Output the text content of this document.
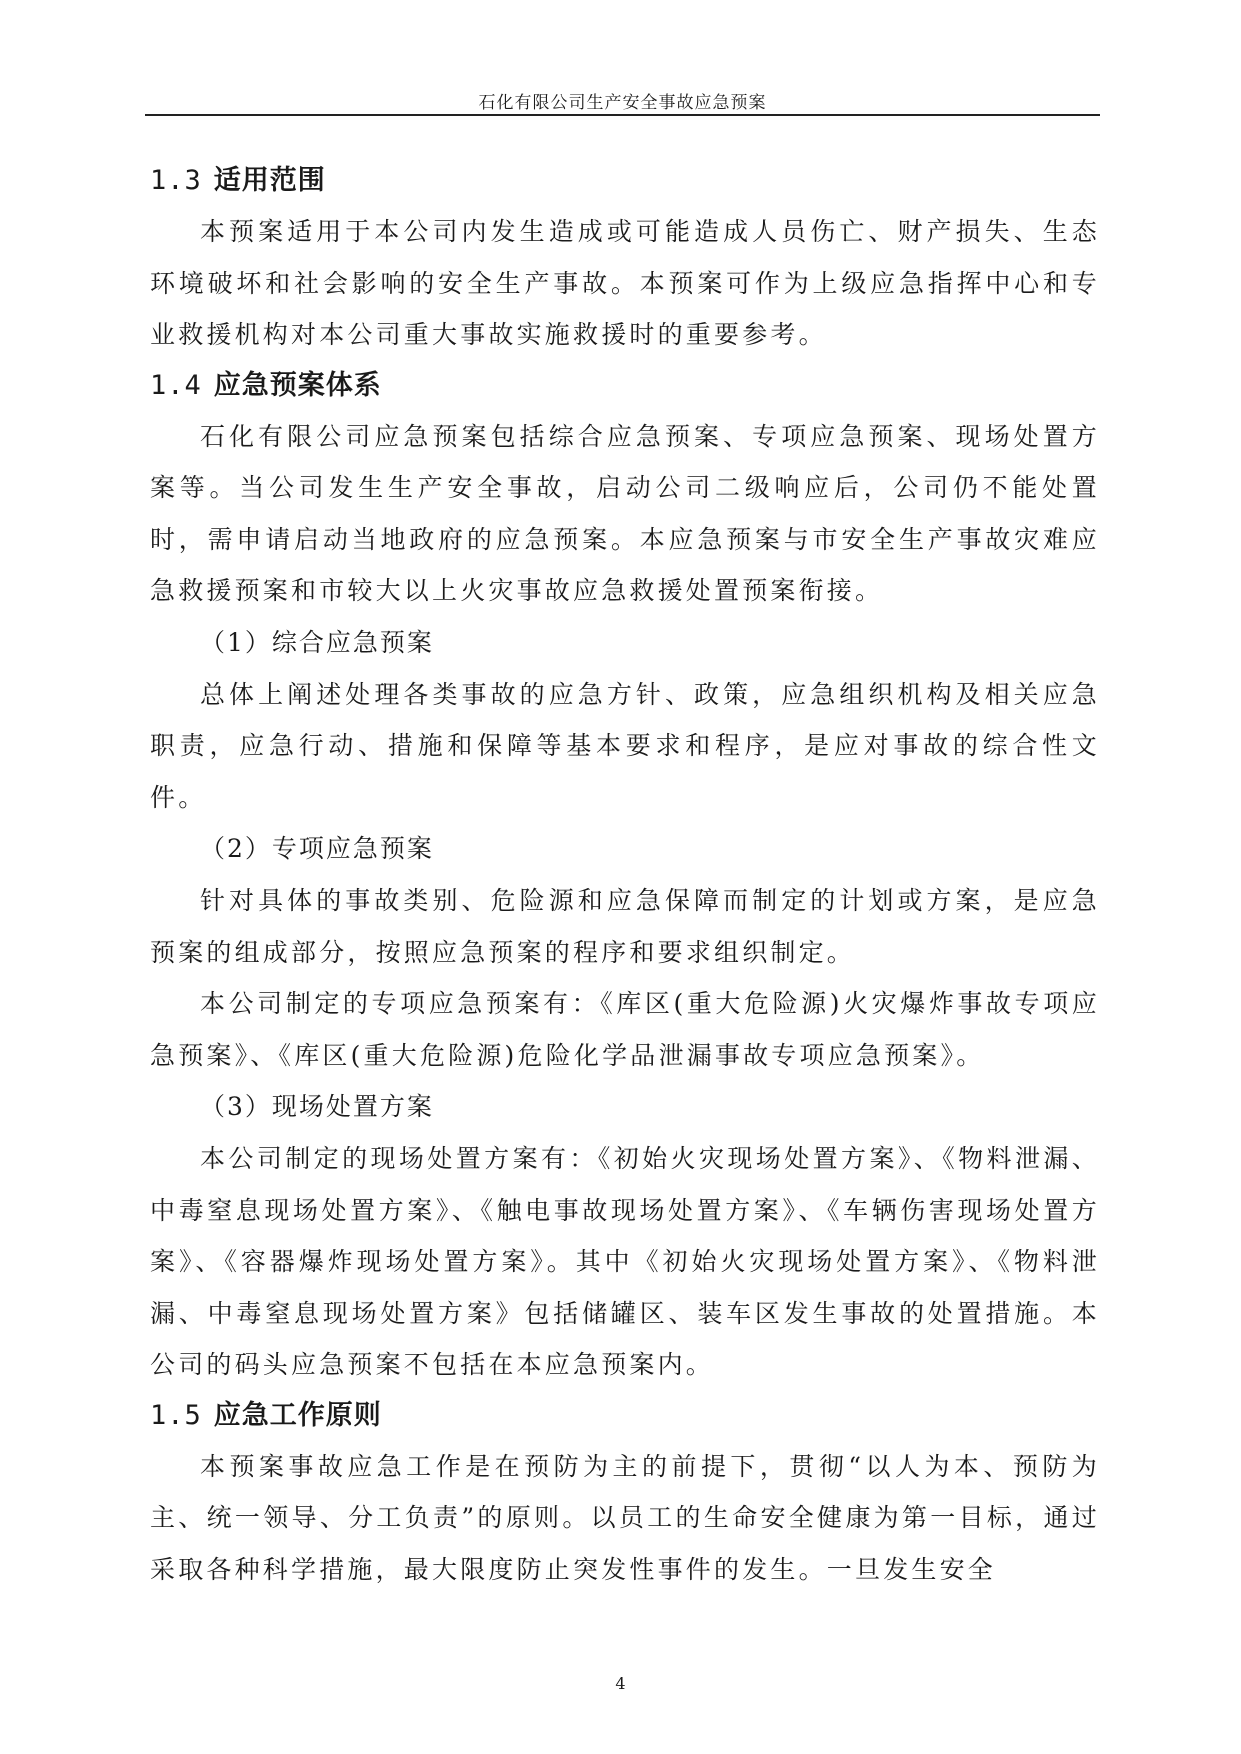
石化有限公司生产安全事故应急预案
1.3 适用范围

本预案适用于本公司内发生造成或可能造成人员伤亡、财产损失、生态环境破坏和社会影响的安全生产事故。本预案可作为上级应急指挥中心和专业救援机构对本公司重大事故实施救援时的重要参考。

1.4 应急预案体系

石化有限公司应急预案包括综合应急预案、专项应急预案、现场处置方案等。当公司发生生产安全事故，启动公司二级响应后，公司仍不能处置时，需申请启动当地政府的应急预案。本应急预案与市安全生产事故灾难应急救援预案和市较大以上火灾事故应急救援处置预案衔接。

（1）综合应急预案

总体上阐述处理各类事故的应急方针、政策，应急组织机构及相关应急职责，应急行动、措施和保障等基本要求和程序，是应对事故的综合性文件。

（2）专项应急预案

针对具体的事故类别、危险源和应急保障而制定的计划或方案，是应急预案的组成部分，按照应急预案的程序和要求组织制定。

本公司制定的专项应急预案有：《库区(重大危险源)火灾爆炸事故专项应急预案》、《库区(重大危险源)危险化学品泄漏事故专项应急预案》。

（3）现场处置方案

本公司制定的现场处置方案有：《初始火灾现场处置方案》、《物料泄漏、中毒窒息现场处置方案》、《触电事故现场处置方案》、《车辆伤害现场处置方案》、《容器爆炸现场处置方案》。其中《初始火灾现场处置方案》、《物料泄漏、中毒窒息现场处置方案》包括储罐区、装车区发生事故的处置措施。本公司的码头应急预案不包括在本应急预案内。

1.5 应急工作原则

本预案事故应急工作是在预防为主的前提下，贯彻“以人为本、预防为主、统一领导、分工负责”的原则。以员工的生命安全健康为第一目标，通过采取各种科学措施，最大限度防止突发性事件的发生。一旦发生安全

4
